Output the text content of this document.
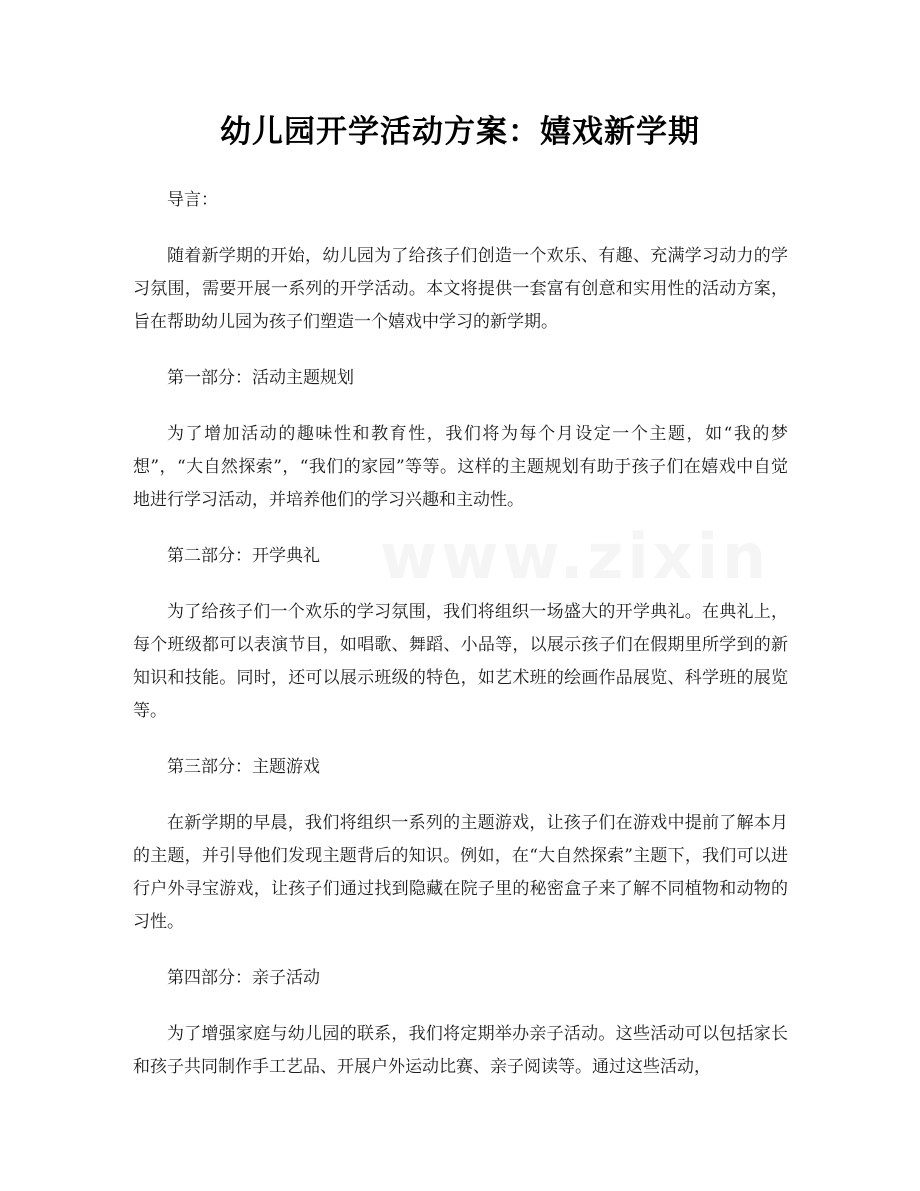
www.zixin
幼儿园开学活动方案：嬉戏新学期

导言：

随着新学期的开始，幼儿园为了给孩子们创造一个欢乐、有趣、充满学习动力的学习氛围，需要开展一系列的开学活动。本文将提供一套富有创意和实用性的活动方案，旨在帮助幼儿园为孩子们塑造一个嬉戏中学习的新学期。

第一部分：活动主题规划

为了增加活动的趣味性和教育性，我们将为每个月设定一个主题，如“我的梦想”，“大自然探索”，“我们的家园”等等。这样的主题规划有助于孩子们在嬉戏中自觉地进行学习活动，并培养他们的学习兴趣和主动性。

第二部分：开学典礼

为了给孩子们一个欢乐的学习氛围，我们将组织一场盛大的开学典礼。在典礼上，每个班级都可以表演节目，如唱歌、舞蹈、小品等，以展示孩子们在假期里所学到的新知识和技能。同时，还可以展示班级的特色，如艺术班的绘画作品展览、科学班的展览等。

第三部分：主题游戏

在新学期的早晨，我们将组织一系列的主题游戏，让孩子们在游戏中提前了解本月的主题，并引导他们发现主题背后的知识。例如，在“大自然探索”主题下，我们可以进行户外寻宝游戏，让孩子们通过找到隐藏在院子里的秘密盒子来了解不同植物和动物的习性。

第四部分：亲子活动

为了增强家庭与幼儿园的联系，我们将定期举办亲子活动。这些活动可以包括家长和孩子共同制作手工艺品、开展户外运动比赛、亲子阅读等。通过这些活动，
